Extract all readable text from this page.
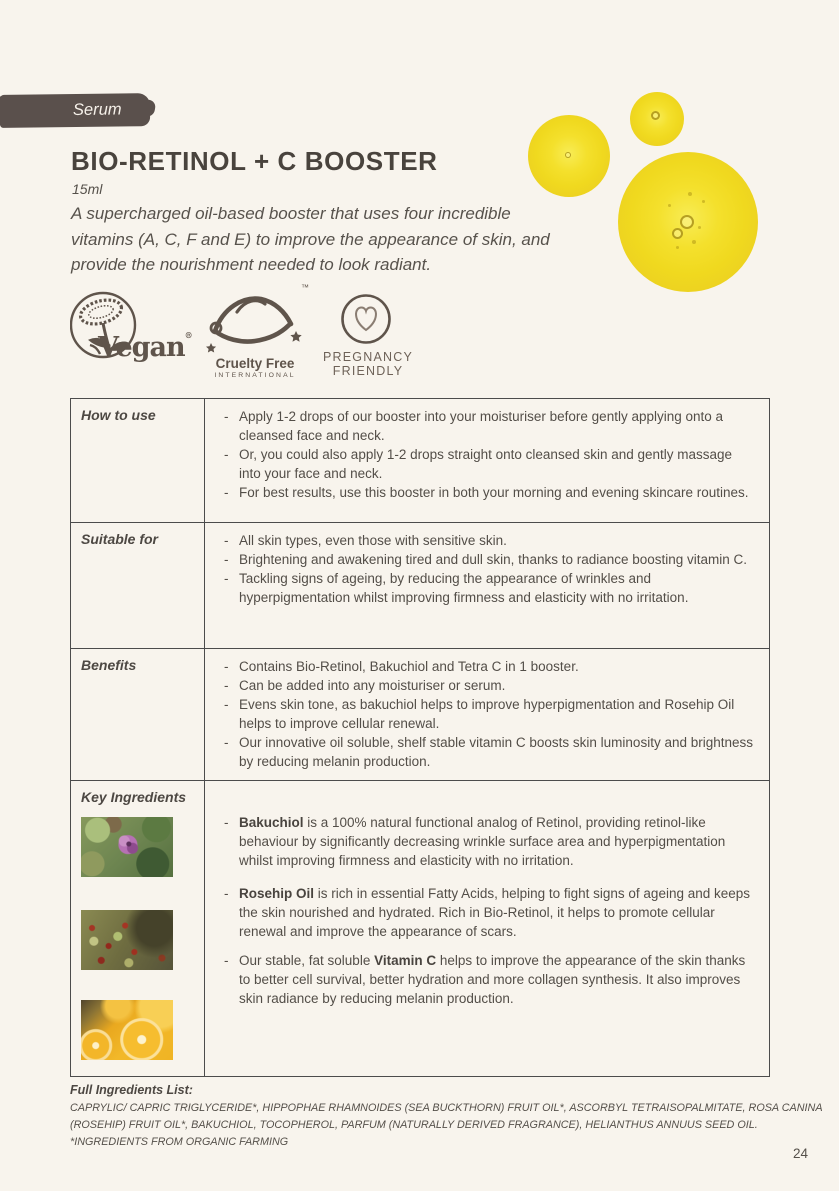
Serum
BIO-RETINOL + C BOOSTER
15ml
A supercharged oil-based booster that uses four incredible vitamins (A, C, F and E) to improve the appearance of skin, and provide the nourishment needed to look radiant.
Vegan®
™
Cruelty Free
INTERNATIONAL
PREGNANCY
FRIENDLY
How to use	- Apply 1-2 drops of our booster into your moisturiser before gently applying onto a cleansed face and neck.
- Or, you could also apply 1-2 drops straight onto cleansed skin and gently massage into your face and neck.
- For best results, use this booster in both your morning and evening skincare routines.
Suitable for	- All skin types, even those with sensitive skin.
- Brightening and awakening tired and dull skin, thanks to radiance boosting vitamin C.
- Tackling signs of ageing, by reducing the appearance of wrinkles and hyperpigmentation whilst improving firmness and elasticity with no irritation.
Benefits	- Contains Bio-Retinol, Bakuchiol and Tetra C in 1 booster.
- Can be added into any moisturiser or serum.
- Evens skin tone, as bakuchiol helps to improve hyperpigmentation and Rosehip Oil helps to improve cellular renewal.
- Our innovative oil soluble, shelf stable vitamin C boosts skin luminosity and brightness by reducing melanin production.
Key Ingredients
- Bakuchiol is a 100% natural functional analog of Retinol, providing retinol-like behaviour by significantly decreasing wrinkle surface area and hyperpigmentation whilst improving firmness and elasticity with no irritation.
- Rosehip Oil is rich in essential Fatty Acids, helping to fight signs of ageing and keeps the skin nourished and hydrated. Rich in Bio-Retinol, it helps to promote cellular renewal and improve the appearance of scars.
- Our stable, fat soluble Vitamin C helps to improve the appearance of the skin thanks to better cell survival, better hydration and more collagen synthesis. It also improves skin radiance by reducing melanin production.
Full Ingredients List:
CAPRYLIC/ CAPRIC TRIGLYCERIDE*, HIPPOPHAE RHAMNOIDES (SEA BUCKTHORN) FRUIT OIL*, ASCORBYL TETRAISOPALMITATE, ROSA CANINA
(ROSEHIP) FRUIT OIL*, BAKUCHIOL, TOCOPHEROL, PARFUM (NATURALLY DERIVED FRAGRANCE), HELIANTHUS ANNUUS SEED OIL.
*INGREDIENTS FROM ORGANIC FARMING
24
